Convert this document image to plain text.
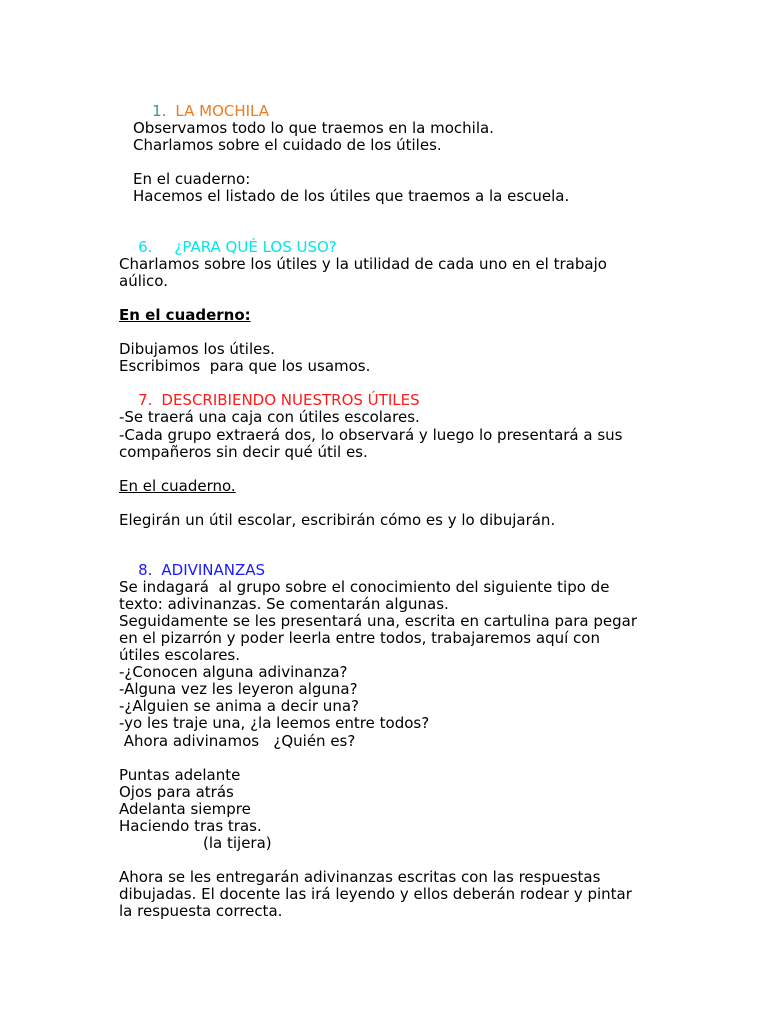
1. LA MOCHILA

Observamos todo lo que traemos en la mochila.
Charlamos sobre el cuidado de los útiles.
En el cuaderno:
Hacemos el listado de los útiles que traemos a la escuela.

6. ¿PARA QUÉ LOS USO?

Charlamos sobre los útiles y la utilidad de cada uno en el trabajo
aúlico.
En el cuaderno:
Dibujamos los útiles.
Escribimos  para que los usamos.

7. DESCRIBIENDO NUESTROS ÚTILES

-Se traerá una caja con útiles escolares.
-Cada grupo extraerá dos, lo observará y luego lo presentará a sus
compañeros sin decir qué útil es.
En el cuaderno.
Elegirán un útil escolar, escribirán cómo es y lo dibujarán.

8. ADIVINANZAS

Se indagará  al grupo sobre el conocimiento del siguiente tipo de
texto: adivinanzas. Se comentarán algunas.
Seguidamente se les presentará una, escrita en cartulina para pegar
en el pizarrón y poder leerla entre todos, trabajaremos aquí con
útiles escolares.
-¿Conocen alguna adivinanza?
-Alguna vez les leyeron alguna?
-¿Alguien se anima a decir una?
-yo les traje una, ¿la leemos entre todos?
Ahora adivinamos   ¿Quién es?
Puntas adelante
Ojos para atrás
Adelanta siempre
Haciendo tras tras.
(la tijera)
Ahora se les entregarán adivinanzas escritas con las respuestas
dibujadas. El docente las irá leyendo y ellos deberán rodear y pintar
la respuesta correcta.
